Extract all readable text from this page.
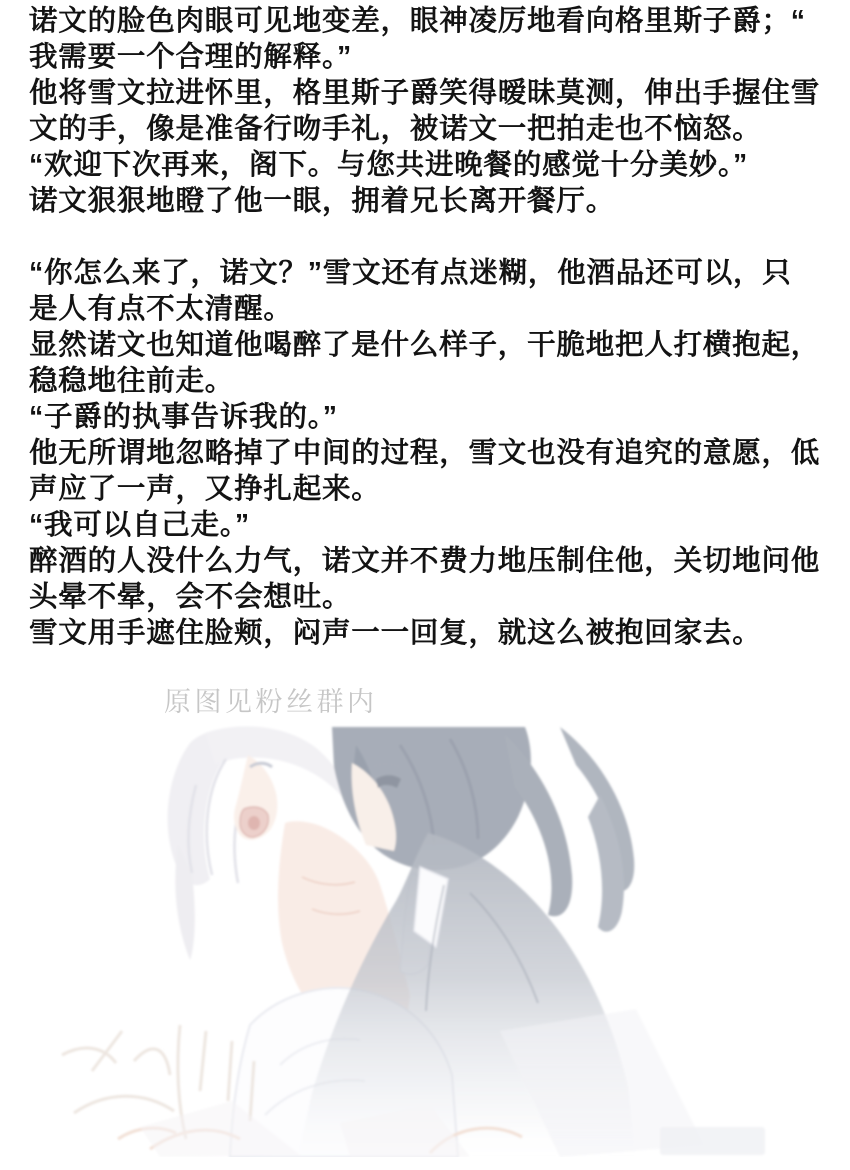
诺文的脸色肉眼可见地变差，眼神凌厉地看向格里斯子爵；“
我需要一个合理的解释。”
他将雪文拉进怀里，格里斯子爵笑得暧昧莫测，伸出手握住雪
文的手，像是准备行吻手礼，被诺文一把拍走也不恼怒。
“欢迎下次再来，阁下。与您共进晚餐的感觉十分美妙。”
诺文狠狠地瞪了他一眼，拥着兄长离开餐厅。

“你怎么来了，诺文？”雪文还有点迷糊，他酒品还可以，只
是人有点不太清醒。
显然诺文也知道他喝醉了是什么样子，干脆地把人打横抱起，
稳稳地往前走。
“子爵的执事告诉我的。”
他无所谓地忽略掉了中间的过程，雪文也没有追究的意愿，低
声应了一声，又挣扎起来。
“我可以自己走。”
醉酒的人没什么力气，诺文并不费力地压制住他，关切地问他
头晕不晕，会不会想吐。
雪文用手遮住脸颊，闷声一一回复，就这么被抱回家去。
原图见粉丝群内
